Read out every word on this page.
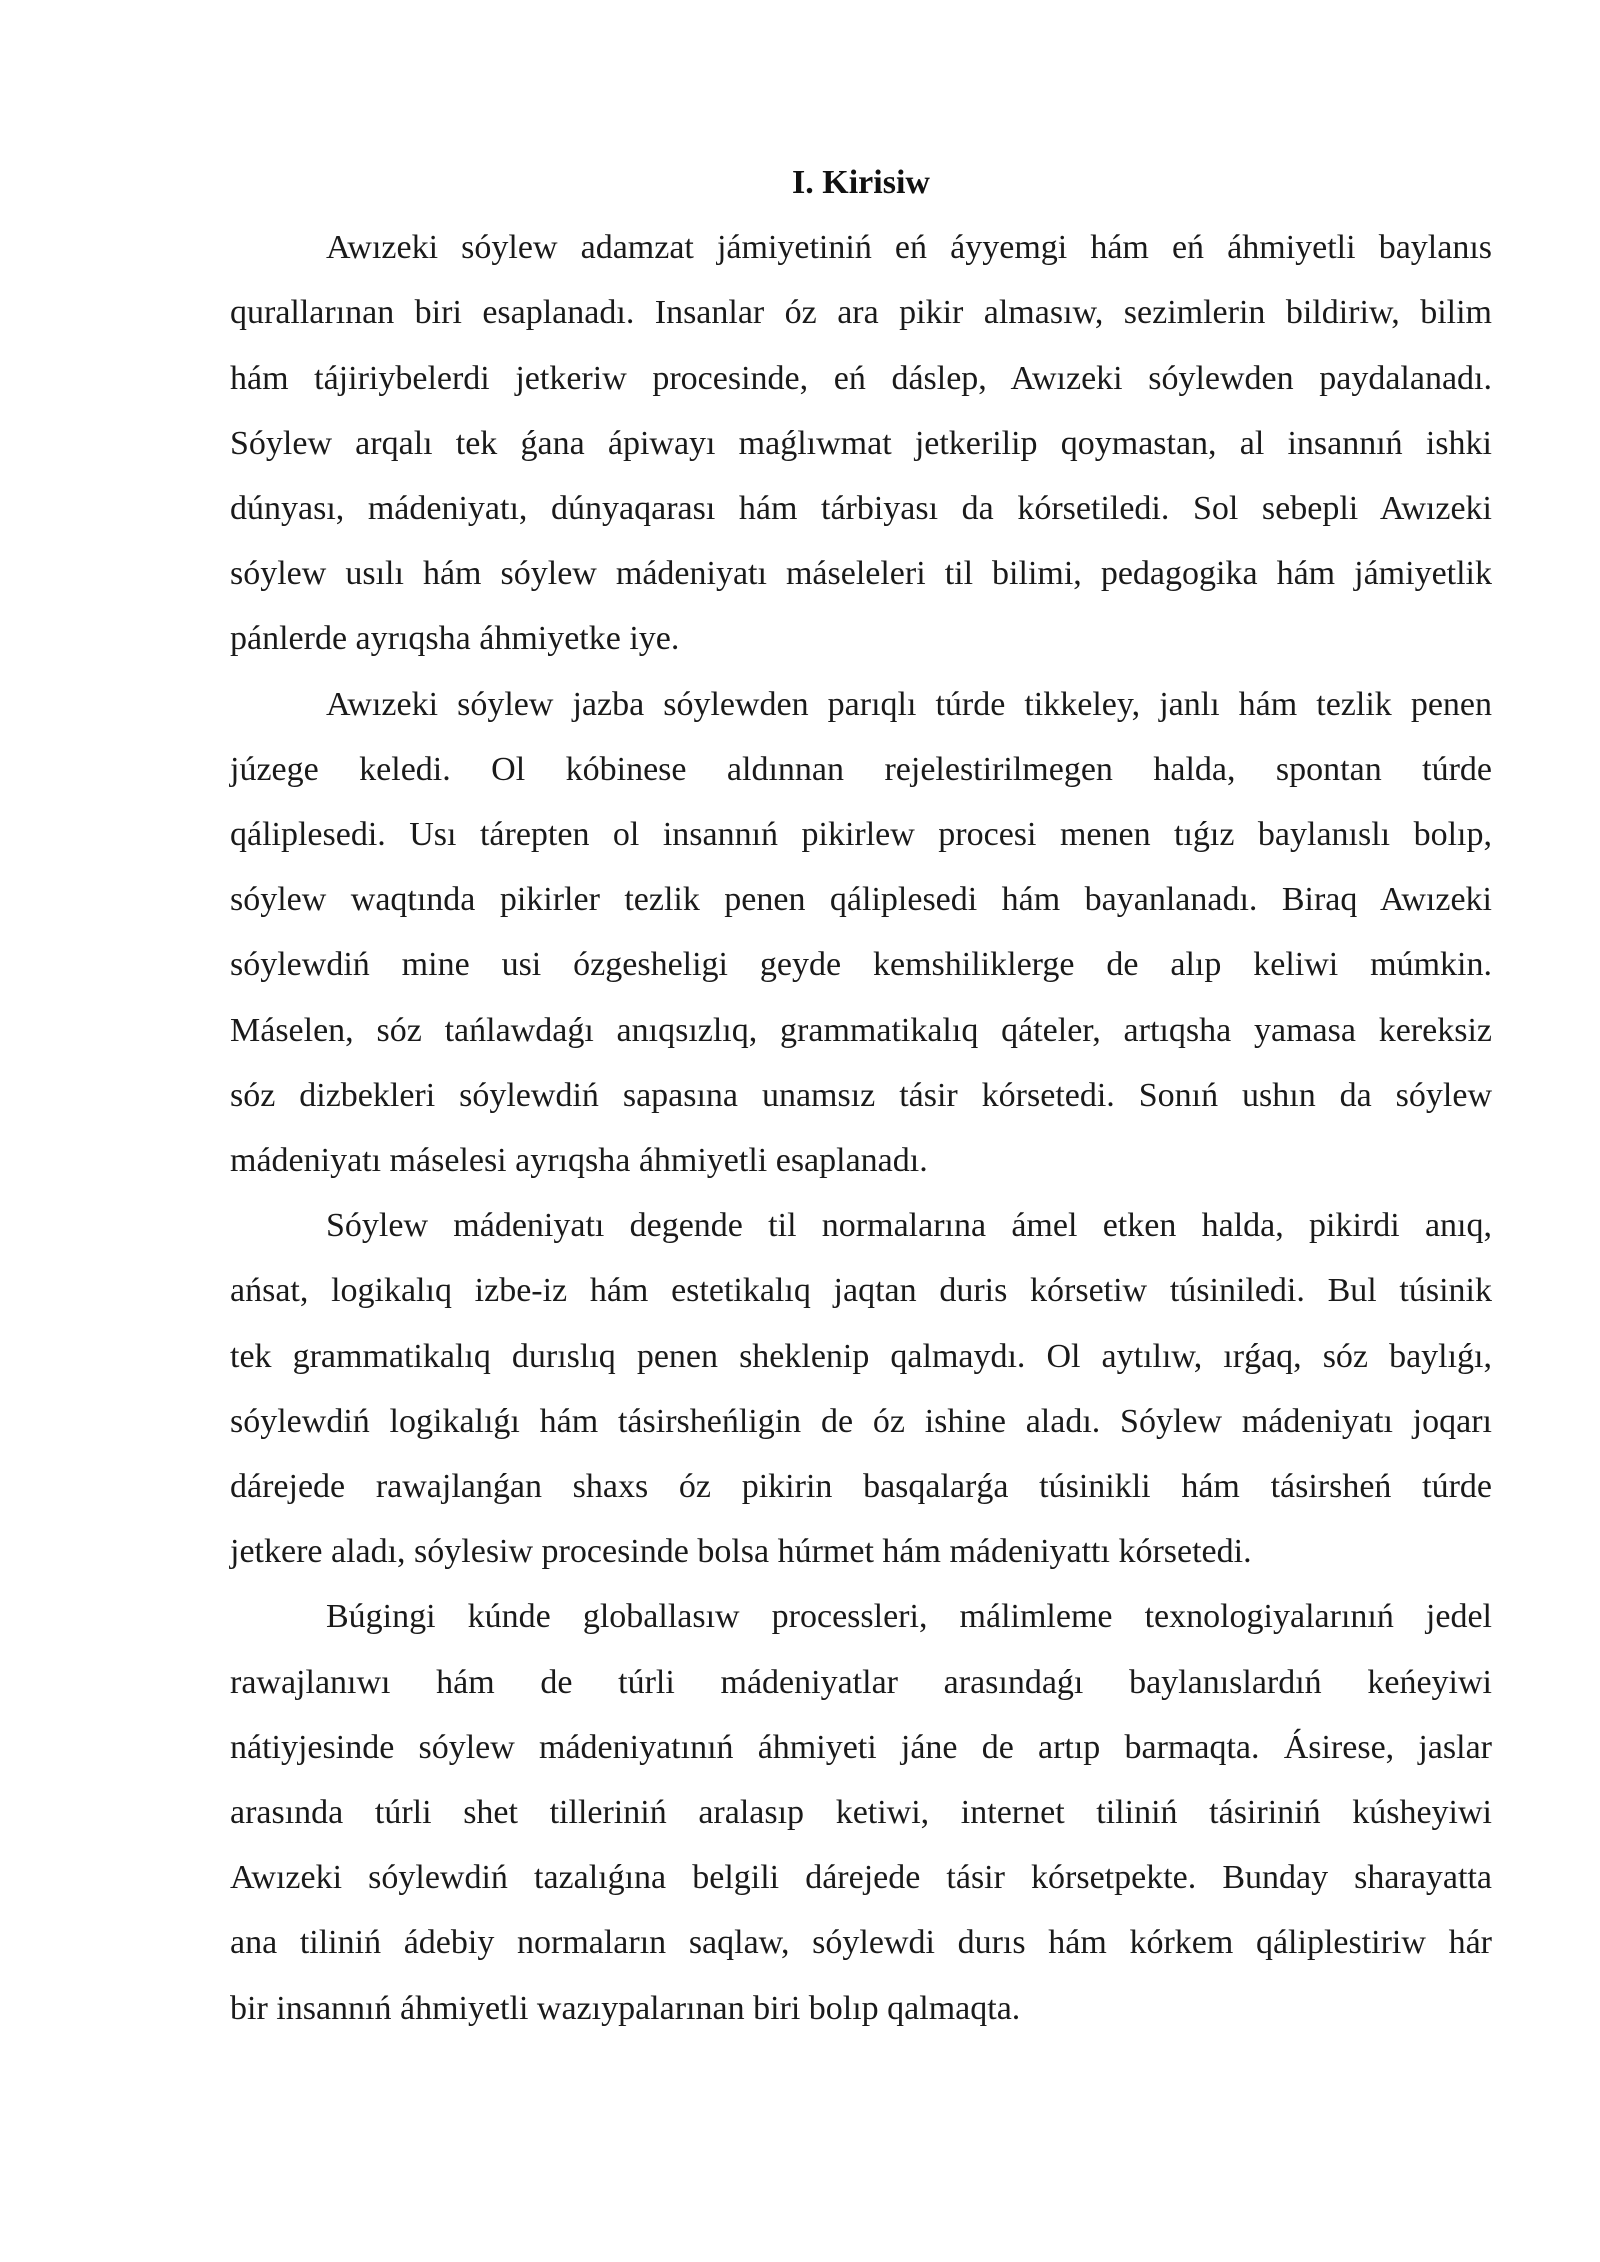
I. Kirisiw
Awızeki sóylew adamzat jámiyetiniń eń áyyemgi hám eń áhmiyetli baylanıs
qurallarınan biri esaplanadı. Insanlar óz ara pikir almasıw, sezimlerin bildiriw, bilim
hám tájiriybelerdi jetkeriw procesinde, eń dáslep, Awızeki sóylewden paydalanadı.
Sóylew arqalı tek ǵana ápiwayı maǵlıwmat jetkerilip qoymastan, al insannıń ishki
dúnyası, mádeniyatı, dúnyaqarası hám tárbiyası da kórsetiledi. Sol sebepli Awızeki
sóylew usılı hám sóylew mádeniyatı máseleleri til bilimi, pedagogika hám jámiyetlik
pánlerde ayrıqsha áhmiyetke iye.
Awızeki sóylew jazba sóylewden parıqlı túrde tikkeley, janlı hám tezlik penen
júzege keledi. Ol kóbinese aldınnan rejelestirilmegen halda, spontan túrde
qáliplesedi. Usı tárepten ol insannıń pikirlew procesi menen tıǵız baylanıslı bolıp,
sóylew waqtında pikirler tezlik penen qáliplesedi hám bayanlanadı. Biraq Awızeki
sóylewdiń mine usi ózgesheligi geyde kemshiliklerge de alıp keliwi múmkin.
Máselen, sóz tańlawdaǵı anıqsızlıq, grammatikalıq qáteler, artıqsha yamasa kereksiz
sóz dizbekleri sóylewdiń sapasına unamsız tásir kórsetedi. Sonıń ushın da sóylew
mádeniyatı máselesi ayrıqsha áhmiyetli esaplanadı.
Sóylew mádeniyatı degende til normalarına ámel etken halda, pikirdi anıq,
ańsat, logikalıq izbe-iz hám estetikalıq jaqtan duris kórsetiw túsiniledi. Bul túsinik
tek grammatikalıq durıslıq penen sheklenip qalmaydı. Ol aytılıw, ırǵaq, sóz baylıǵı,
sóylewdiń logikalıǵı hám tásirsheńligin de óz ishine aladı. Sóylew mádeniyatı joqarı
dárejede rawajlanǵan shaxs óz pikirin basqalarǵa túsinikli hám tásirsheń túrde
jetkere aladı, sóylesiw procesinde bolsa húrmet hám mádeniyattı kórsetedi.
Búgingi kúnde globallasıw processleri, málimleme texnologiyalarınıń jedel
rawajlanıwı hám de túrli mádeniyatlar arasındaǵı baylanıslardıń keńeyiwi
nátiyjesinde sóylew mádeniyatınıń áhmiyeti jáne de artıp barmaqta. Ásirese, jaslar
arasında túrli shet tilleriniń aralasıp ketiwi, internet tiliniń tásiriniń kúsheyiwi
Awızeki sóylewdiń tazalıǵına belgili dárejede tásir kórsetpekte. Bunday sharayatta
ana tiliniń ádebiy normaların saqlaw, sóylewdi durıs hám kórkem qáliplestiriw hár
bir insannıń áhmiyetli wazıypalarınan biri bolıp qalmaqta.
